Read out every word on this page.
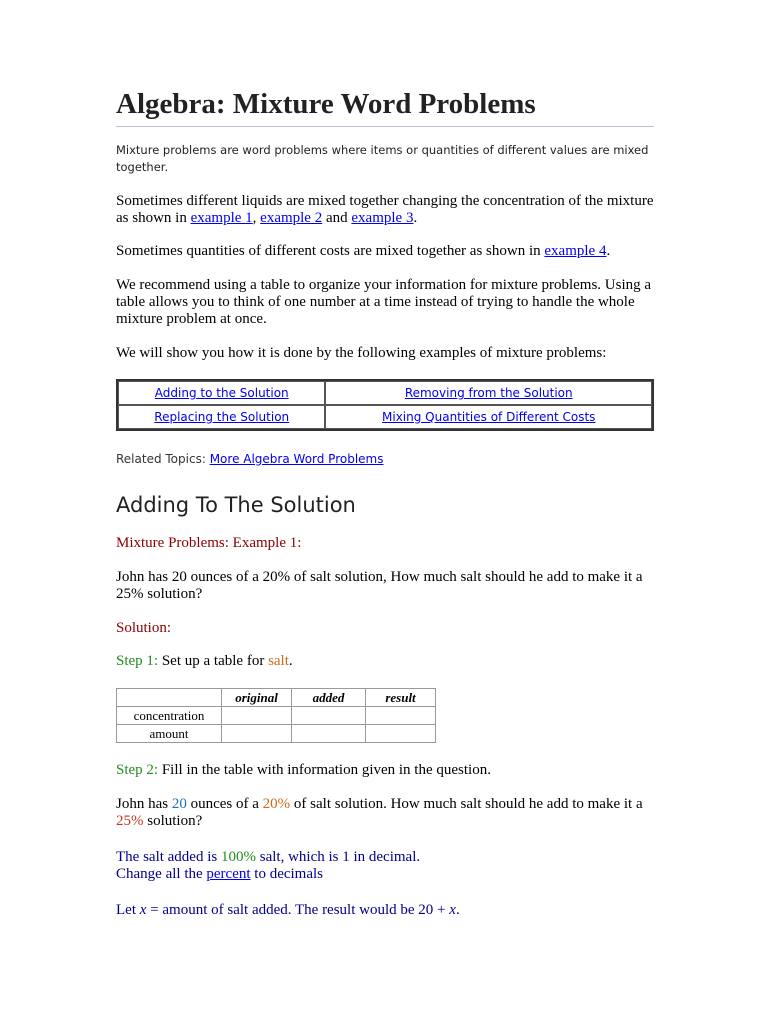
Algebra: Mixture Word Problems

Mixture problems are word problems where items or quantities of different values are mixed together.

Sometimes different liquids are mixed together changing the concentration of the mixture as shown in example 1, example 2 and example 3.

Sometimes quantities of different costs are mixed together as shown in example 4.

We recommend using a table to organize your information for mixture problems. Using a table allows you to think of one number at a time instead of trying to handle the whole mixture problem at once.

We will show you how it is done by the following examples of mixture problems:

Adding to the Solution	Removing from the Solution
Replacing the Solution	Mixing Quantities of Different Costs

Related Topics: More Algebra Word Problems

Adding To The Solution

Mixture Problems: Example 1:

John has 20 ounces of a 20% of salt solution, How much salt should he add to make it a 25% solution?

Solution:

Step 1: Set up a table for salt.

	original	added	result
concentration			
amount			

Step 2: Fill in the table with information given in the question.

John has 20 ounces of a 20% of salt solution. How much salt should he add to make it a 25% solution?

The salt added is 100% salt, which is 1 in decimal.
Change all the percent to decimals

Let x = amount of salt added. The result would be 20 + x.
